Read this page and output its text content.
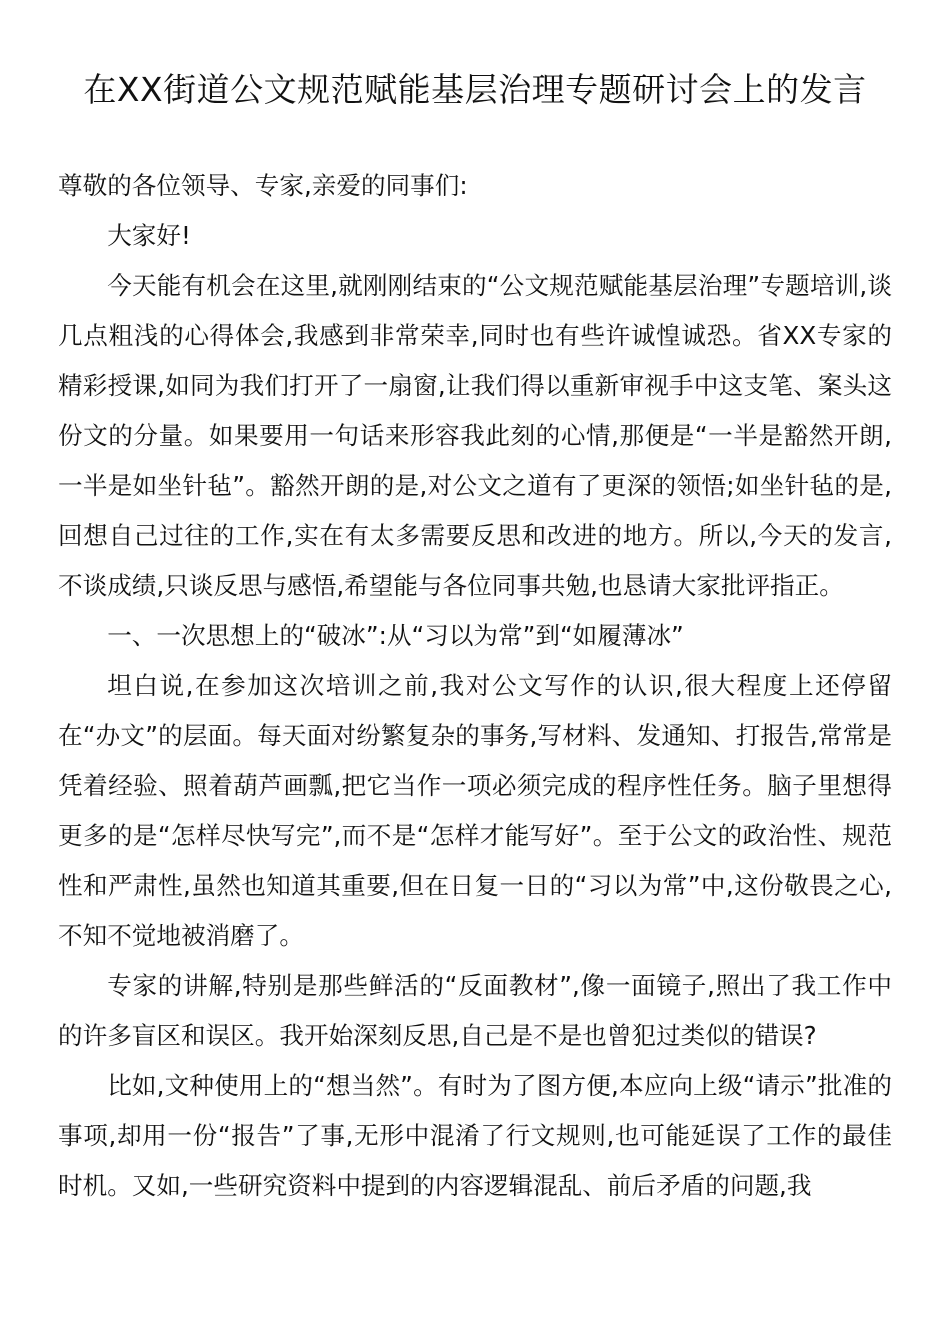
在XX街道公文规范赋能基层治理专题研讨会上的发言

尊敬的各位领导、专家,亲爱的同事们:

大家好!

今天能有机会在这里,就刚刚结束的“公文规范赋能基层治理”专题培训,谈几点粗浅的心得体会,我感到非常荣幸,同时也有些许诚惶诚恐。省XX专家的精彩授课,如同为我们打开了一扇窗,让我们得以重新审视手中这支笔、案头这份文的分量。如果要用一句话来形容我此刻的心情,那便是“一半是豁然开朗,一半是如坐针毡”。豁然开朗的是,对公文之道有了更深的领悟;如坐针毡的是,回想自己过往的工作,实在有太多需要反思和改进的地方。所以,今天的发言,不谈成绩,只谈反思与感悟,希望能与各位同事共勉,也恳请大家批评指正。

一、一次思想上的“破冰”:从“习以为常”到“如履薄冰”

坦白说,在参加这次培训之前,我对公文写作的认识,很大程度上还停留在“办文”的层面。每天面对纷繁复杂的事务,写材料、发通知、打报告,常常是凭着经验、照着葫芦画瓢,把它当作一项必须完成的程序性任务。脑子里想得更多的是“怎样尽快写完”,而不是“怎样才能写好”。至于公文的政治性、规范性和严肃性,虽然也知道其重要,但在日复一日的“习以为常”中,这份敬畏之心,不知不觉地被消磨了。

专家的讲解,特别是那些鲜活的“反面教材”,像一面镜子,照出了我工作中的许多盲区和误区。我开始深刻反思,自己是不是也曾犯过类似的错误?

比如,文种使用上的“想当然”。有时为了图方便,本应向上级“请示”批准的事项,却用一份“报告”了事,无形中混淆了行文规则,也可能延误了工作的最佳时机。又如,一些研究资料中提到的内容逻辑混乱、前后矛盾的问题,我
